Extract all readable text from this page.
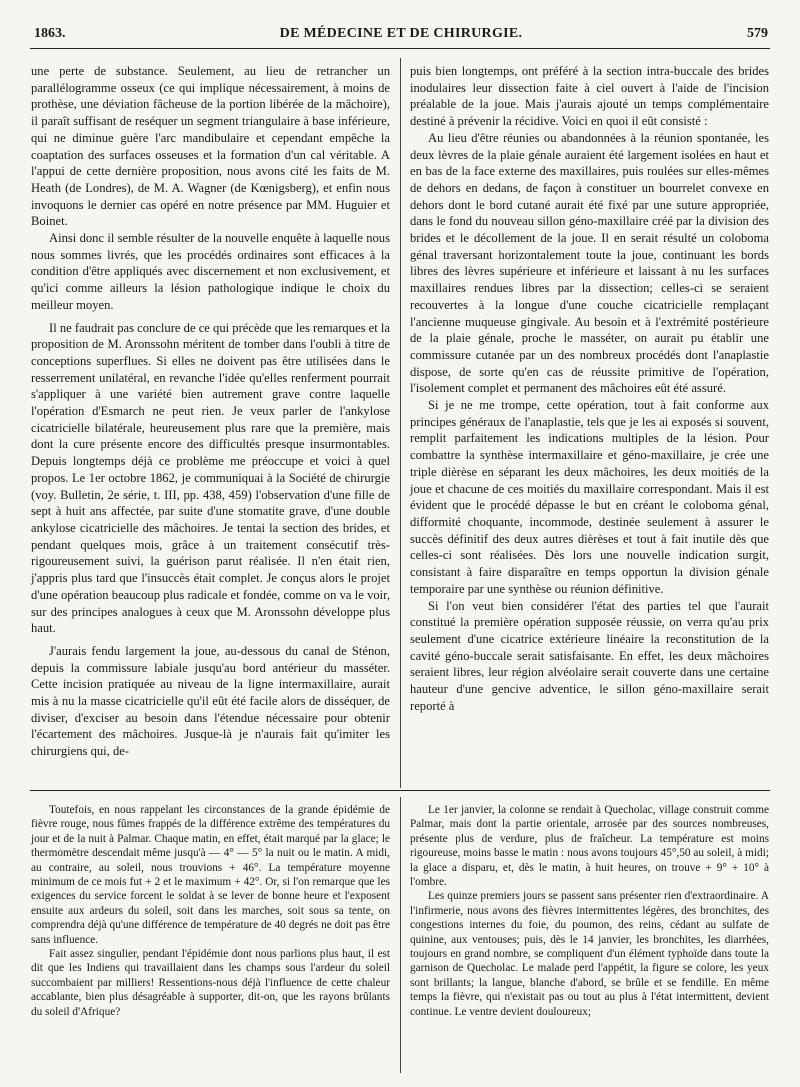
1863.	DE MÉDECINE ET DE CHIRURGIE.	579

une perte de substance. Seulement, au lieu de retrancher un parallélogramme osseux (ce qui implique nécessairement, à moins de prothèse, une déviation fâcheuse de la portion libérée de la mâchoire), il paraît suffisant de reséquer un segment triangulaire à base inférieure, qui ne diminue guère l'arc mandibulaire et cependant empêche la coaptation des surfaces osseuses et la formation d'un cal véritable. A l'appui de cette dernière proposition, nous avons cité les faits de M. Heath (de Londres), de M. A. Wagner (de Kœnigsberg), et enfin nous invoquons le dernier cas opéré en notre présence par MM. Huguier et Boinet.

Ainsi donc il semble résulter de la nouvelle enquête à laquelle nous nous sommes livrés, que les procédés ordinaires sont efficaces à la condition d'être appliqués avec discernement et non exclusivement, et qu'ici comme ailleurs la lésion pathologique indique le choix du meilleur moyen.

Il ne faudrait pas conclure de ce qui précède que les remarques et la proposition de M. Aronssohn méritent de tomber dans l'oubli à titre de conceptions superflues. Si elles ne doivent pas être utilisées dans le resserrement unilatéral, en revanche l'idée qu'elles renferment pourrait s'appliquer à une variété bien autrement grave contre laquelle l'opération d'Esmarch ne peut rien. Je veux parler de l'ankylose cicatricielle bilatérale, heureusement plus rare que la première, mais dont la cure présente encore des difficultés presque insurmontables. Depuis longtemps déjà ce problème me préoccupe et voici à quel propos. Le 1er octobre 1862, je communiquai à la Société de chirurgie (voy. Bulletin, 2e série, t. III, pp. 438, 459) l'observation d'une fille de sept à huit ans affectée, par suite d'une stomatite grave, d'une double ankylose cicatricielle des mâchoires. Je tentai la section des brides, et pendant quelques mois, grâce à un traitement consécutif très-rigoureusement suivi, la guérison parut réalisée. Il n'en était rien, j'appris plus tard que l'insuccès était complet. Je conçus alors le projet d'une opération beaucoup plus radicale et fondée, comme on va le voir, sur des principes analogues à ceux que M. Aronssohn développe plus haut.

J'aurais fendu largement la joue, au-dessous du canal de Sténon, depuis la commissure labiale jusqu'au bord antérieur du masséter. Cette incision pratiquée au niveau de la ligne intermaxillaire, aurait mis à nu la masse cicatricielle qu'il eût été facile alors de disséquer, de diviser, d'exciser au besoin dans l'étendue nécessaire pour obtenir l'écartement des mâchoires. Jusque-là je n'aurais fait qu'imiter les chirurgiens qui, de-

puis bien longtemps, ont préféré à la section intra-buccale des brides inodulaires leur dissection faite à ciel ouvert à l'aide de l'incision préalable de la joue. Mais j'aurais ajouté un temps complémentaire destiné à prévenir la récidive. Voici en quoi il eût consisté :

Au lieu d'être réunies ou abandonnées à la réunion spontanée, les deux lèvres de la plaie génale auraient été largement isolées en haut et en bas de la face externe des maxillaires, puis roulées sur elles-mêmes de dehors en dedans, de façon à constituer un bourrelet convexe en dehors dont le bord cutané aurait été fixé par une suture appropriée, dans le fond du nouveau sillon géno-maxillaire créé par la division des brides et le décollement de la joue. Il en serait résulté un coloboma génal traversant horizontalement toute la joue, continuant les bords libres des lèvres supérieure et inférieure et laissant à nu les surfaces maxillaires rendues libres par la dissection; celles-ci se seraient recouvertes à la longue d'une couche cicatricielle remplaçant l'ancienne muqueuse gingivale. Au besoin et à l'extrémité postérieure de la plaie génale, proche le masséter, on aurait pu établir une commissure cutanée par un des nombreux procédés dont l'anaplastie dispose, de sorte qu'en cas de réussite primitive de l'opération, l'isolement complet et permanent des mâchoires eût été assuré.

Si je ne me trompe, cette opération, tout à fait conforme aux principes généraux de l'anaplastie, tels que je les ai exposés si souvent, remplit parfaitement les indications multiples de la lésion. Pour combattre la synthèse intermaxillaire et géno-maxillaire, je crée une triple dièrèse en séparant les deux mâchoires, les deux moitiés de la joue et chacune de ces moitiés du maxillaire correspondant. Mais il est évident que le procédé dépasse le but en créant le coloboma génal, difformité choquante, incommode, destinée seulement à assurer le succès définitif des deux autres dièrèses et tout à fait inutile dès que celles-ci sont réalisées. Dès lors une nouvelle indication surgit, consistant à faire disparaître en temps opportun la division génale temporaire par une synthèse ou réunion définitive.

Si l'on veut bien considérer l'état des parties tel que l'aurait constitué la première opération supposée réussie, on verra qu'au prix seulement d'une cicatrice extérieure linéaire la reconstitution de la cavité géno-buccale serait satisfaisante. En effet, les deux mâchoires seraient libres, leur région alvéolaire serait couverte dans une certaine hauteur d'une gencive adventice, le sillon géno-maxillaire serait reporté à

Toutefois, en nous rappelant les circonstances de la grande épidémie de fièvre rouge, nous fûmes frappés de la différence extrême des températures du jour et de la nuit à Palmar. Chaque matin, en effet, était marqué par la glace; le thermomètre descendait même jusqu'à — 4° — 5° la nuit ou le matin. A midi, au contraire, au soleil, nous trouvions + 46°. La température moyenne minimum de ce mois fut + 2 et le maximum + 42°. Or, si l'on remarque que les exigences du service forcent le soldat à se lever de bonne heure et l'exposent ensuite aux ardeurs du soleil, soit dans les marches, soit sous sa tente, on comprendra déjà qu'une différence de température de 40 degrés ne doit pas être sans influence.

Fait assez singulier, pendant l'épidémie dont nous parlions plus haut, il est dit que les Indiens qui travaillaient dans les champs sous l'ardeur du soleil succombaient par milliers! Ressentions-nous déjà l'influence de cette chaleur accablante, bien plus désagréable à supporter, dit-on, que les rayons brûlants du soleil d'Afrique?

Le 1er janvier, la colonne se rendait à Quecholac, village construit comme Palmar, mais dont la partie orientale, arrosée par des sources nombreuses, présente plus de verdure, plus de fraîcheur. La température est moins rigoureuse, moins basse le matin : nous avons toujours 45°,50 au soleil, à midi; la glace a disparu, et, dès le matin, à huit heures, on trouve + 9° + 10° à l'ombre.

Les quinze premiers jours se passent sans présenter rien d'extraordinaire. A l'infirmerie, nous avons des fièvres intermittentes légères, des bronchites, des congestions internes du foie, du poumon, des reins, cédant au sulfate de quinine, aux ventouses; puis, dès le 14 janvier, les bronchites, les diarrhées, toujours en grand nombre, se compliquent d'un élément typhoïde dans toute la garnison de Quecholac. Le malade perd l'appétit, la figure se colore, les yeux sont brillants; la langue, blanche d'abord, se brûle et se fendille. En même temps la fièvre, qui n'existait pas ou tout au plus à l'état intermittent, devient continue. Le ventre devient douloureux;
